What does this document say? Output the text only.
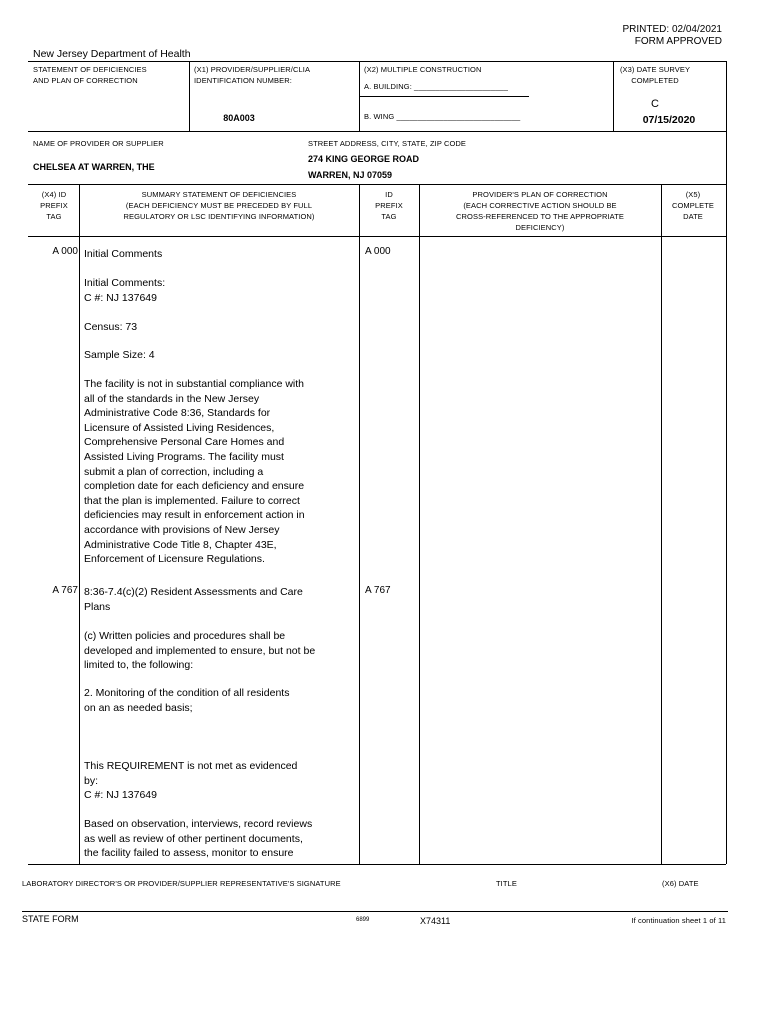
PRINTED: 02/04/2021
FORM APPROVED
New Jersey Department of Health
STATEMENT OF DEFICIENCIES
AND PLAN OF CORRECTION
(X1) PROVIDER/SUPPLIER/CLIA
IDENTIFICATION NUMBER:
80A003
(X2) MULTIPLE CONSTRUCTION
A. BUILDING: ______________________
B. WING _____________________________
(X3) DATE SURVEY
COMPLETED
C
07/15/2020
NAME OF PROVIDER OR SUPPLIER
CHELSEA AT WARREN, THE
STREET ADDRESS, CITY, STATE, ZIP CODE
274 KING GEORGE ROAD
WARREN, NJ 07059
(X4) ID
PREFIX
TAG
SUMMARY STATEMENT OF DEFICIENCIES
(EACH DEFICIENCY MUST BE PRECEDED BY FULL
REGULATORY OR LSC IDENTIFYING INFORMATION)
ID
PREFIX
TAG
PROVIDER'S PLAN OF CORRECTION
(EACH CORRECTIVE ACTION SHOULD BE
CROSS-REFERENCED TO THE APPROPRIATE
DEFICIENCY)
(X5)
COMPLETE
DATE
A 000	A 000
Initial Comments
Initial Comments:
C #: NJ 137649
Census: 73
Sample Size: 4
The facility is not in substantial compliance with
all of the standards in the New Jersey
Administrative Code 8:36, Standards for
Licensure of Assisted Living Residences,
Comprehensive Personal Care Homes and
Assisted Living Programs. The facility must
submit a plan of correction, including a
completion date for each deficiency and ensure
that the plan is implemented. Failure to correct
deficiencies may result in enforcement action in
accordance with provisions of New Jersey
Administrative Code Title 8, Chapter 43E,
Enforcement of Licensure Regulations.
A 767	A 767
8:36-7.4(c)(2) Resident Assessments and Care
Plans
(c) Written policies and procedures shall be
developed and implemented to ensure, but not be
limited to, the following:
2. Monitoring of the condition of all residents
on an as needed basis;
This REQUIREMENT is not met as evidenced
by:
C #: NJ 137649
Based on observation, interviews, record reviews
as well as review of other pertinent documents,
the facility failed to assess, monitor to ensure
LABORATORY DIRECTOR'S OR PROVIDER/SUPPLIER REPRESENTATIVE'S SIGNATURE	TITLE	(X6) DATE
STATE FORM	6899	X74311	If continuation sheet 1 of 11
